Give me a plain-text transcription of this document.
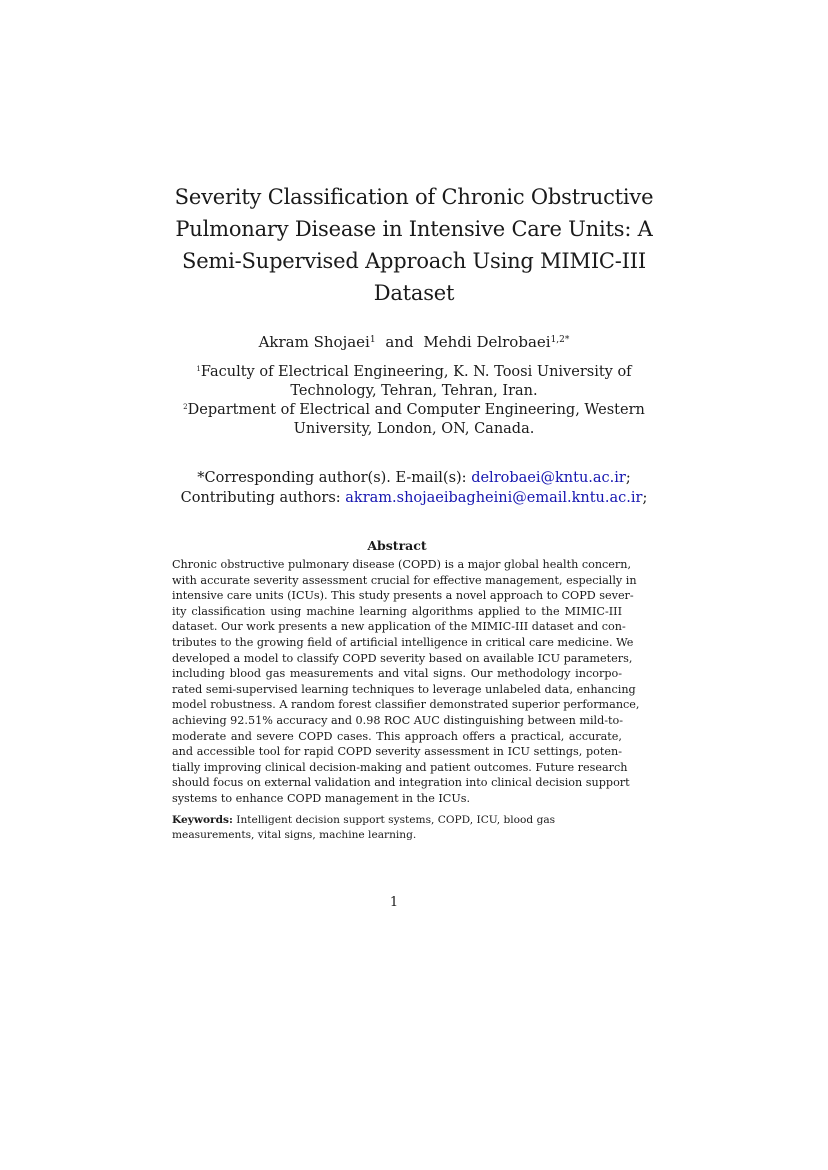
Severity Classification of Chronic Obstructive
Pulmonary Disease in Intensive Care Units: A
Semi-Supervised Approach Using MIMIC-III
Dataset
Akram Shojaei$^1$ and Mehdi Delrobaei$^{1,2*}$
$^1$Faculty of Electrical Engineering, K. N. Toosi University of
Technology, Tehran, Tehran, Iran.
$^2$Department of Electrical and Computer Engineering, Western
University, London, ON, Canada.
*Corresponding author(s). E-mail(s): delrobaei@kntu.ac.ir;
Contributing authors: akram.shojaeibagheini@email.kntu.ac.ir;
Abstract
Chronic obstructive pulmonary disease (COPD) is a major global health concern,
with accurate severity assessment crucial for effective management, especially in
intensive care units (ICUs). This study presents a novel approach to COPD sever-
ity classification using machine learning algorithms applied to the MIMIC-III
dataset. Our work presents a new application of the MIMIC-III dataset and con-
tributes to the growing field of artificial intelligence in critical care medicine. We
developed a model to classify COPD severity based on available ICU parameters,
including blood gas measurements and vital signs. Our methodology incorpo-
rated semi-supervised learning techniques to leverage unlabeled data, enhancing
model robustness. A random forest classifier demonstrated superior performance,
achieving 92.51% accuracy and 0.98 ROC AUC distinguishing between mild-to-
moderate and severe COPD cases. This approach offers a practical, accurate,
and accessible tool for rapid COPD severity assessment in ICU settings, poten-
tially improving clinical decision-making and patient outcomes. Future research
should focus on external validation and integration into clinical decision support
systems to enhance COPD management in the ICUs.
Keywords: Intelligent decision support systems, COPD, ICU, blood gas
measurements, vital signs, machine learning.
1
